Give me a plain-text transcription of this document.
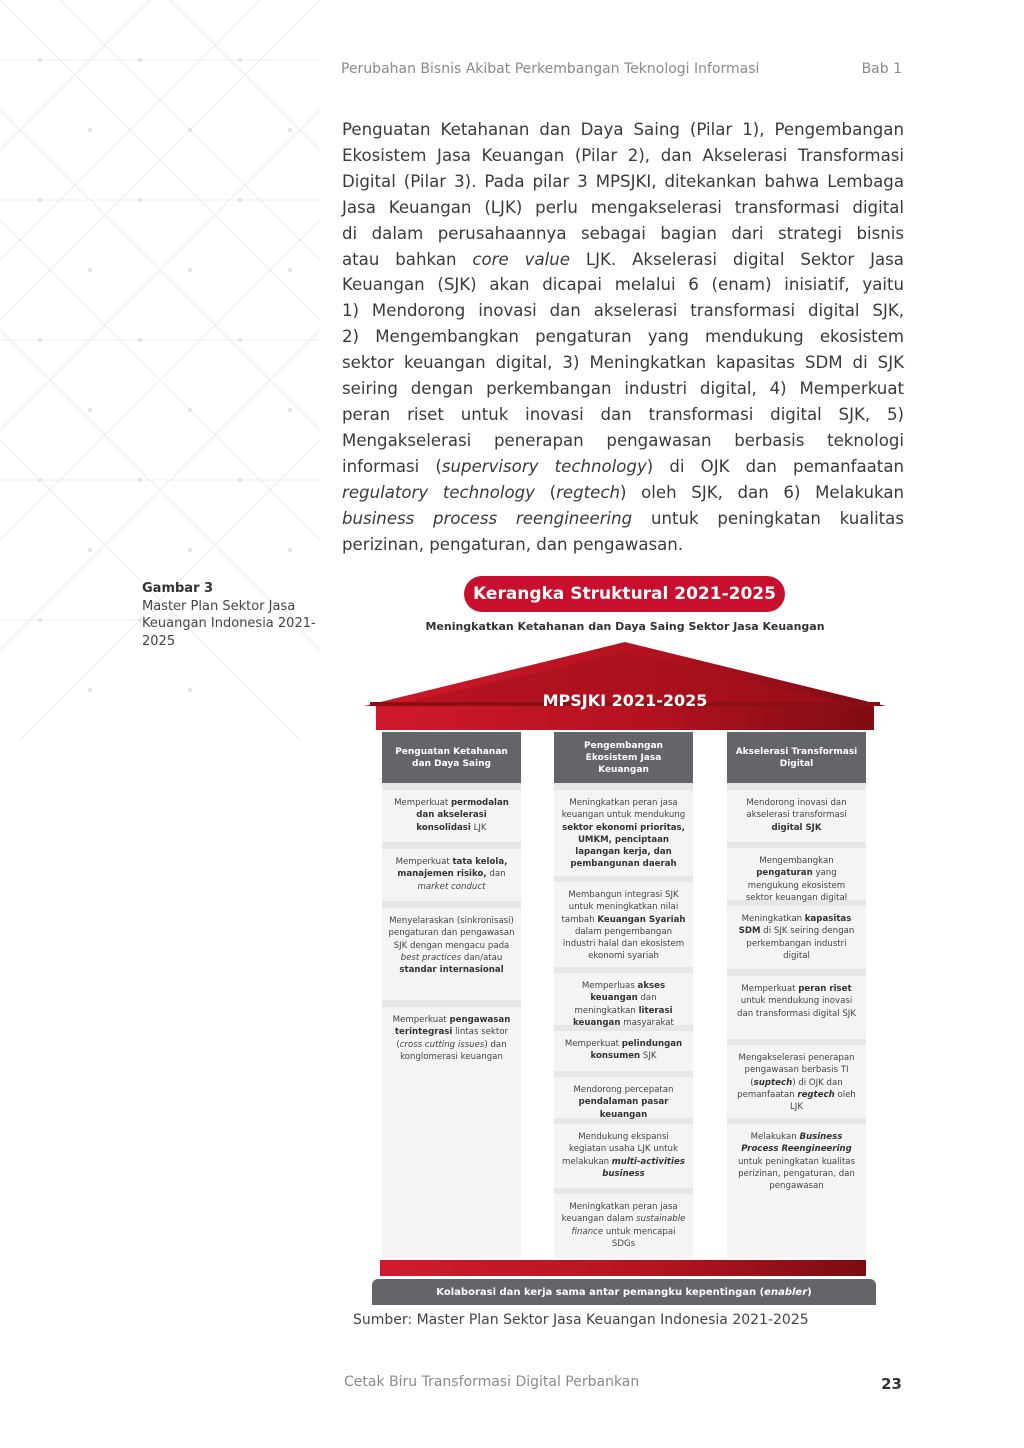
Perubahan Bisnis Akibat Perkembangan Teknologi Informasi	Bab 1
Penguatan Ketahanan dan Daya Saing (Pilar 1), Pengembangan
Ekosistem Jasa Keuangan (Pilar 2), dan Akselerasi Transformasi
Digital (Pilar 3). Pada pilar 3 MPSJKI, ditekankan bahwa Lembaga
Jasa Keuangan (LJK) perlu mengakselerasi transformasi digital
di dalam perusahaannya sebagai bagian dari strategi bisnis
atau bahkan core value LJK. Akselerasi digital Sektor Jasa
Keuangan (SJK) akan dicapai melalui 6 (enam) inisiatif, yaitu
1) Mendorong inovasi dan akselerasi transformasi digital SJK,
2) Mengembangkan pengaturan yang mendukung ekosistem
sektor keuangan digital, 3) Meningkatkan kapasitas SDM di SJK
seiring dengan perkembangan industri digital, 4) Memperkuat
peran riset untuk inovasi dan transformasi digital SJK, 5)
Mengakselerasi penerapan pengawasan berbasis teknologi
informasi (supervisory technology) di OJK dan pemanfaatan
regulatory technology (regtech) oleh SJK, dan 6) Melakukan
business process reengineering untuk peningkatan kualitas
perizinan, pengaturan, dan pengawasan.
Gambar 3
Master Plan Sektor Jasa Keuangan Indonesia 2021-2025
Kerangka Struktural 2021-2025
Meningkatkan Ketahanan dan Daya Saing Sektor Jasa Keuangan
MPSJKI 2021-2025
Penguatan Ketahanan dan Daya Saing
Memperkuat permodalan dan akselerasi konsolidasi LJK
Memperkuat tata kelola, manajemen risiko, dan market conduct
Menyelaraskan (sinkronisasi) pengaturan dan pengawasan SJK dengan mengacu pada best practices dan/atau standar internasional
Memperkuat pengawasan terintegrasi lintas sektor (cross cutting issues) dan konglomerasi keuangan
Pengembangan Ekosistem Jasa Keuangan
Meningkatkan peran jasa keuangan untuk mendukung sektor ekonomi prioritas, UMKM, penciptaan lapangan kerja, dan pembangunan daerah
Membangun integrasi SJK untuk meningkatkan nilai tambah Keuangan Syariah dalam pengembangan industri halal dan ekosistem ekonomi syariah
Memperluas akses keuangan dan meningkatkan literasi keuangan masyarakat
Memperkuat pelindungan konsumen SJK
Mendorong percepatan pendalaman pasar keuangan
Mendukung ekspansi kegiatan usaha LJK untuk melakukan multi-activities business
Meningkatkan peran jasa keuangan dalam sustainable finance untuk mencapai SDGs
Akselerasi Transformasi Digital
Mendorong inovasi dan akselerasi transformasi digital SJK
Mengembangkan pengaturan yang mengukung ekosistem sektor keuangan digital
Meningkatkan kapasitas SDM di SJK seiring dengan perkembangan industri digital
Memperkuat peran riset untuk mendukung inovasi dan transformasi digital SJK
Mengakselerasi penerapan pengawasan berbasis TI (suptech) di OJK dan pemanfaatan regtech oleh LJK
Melakukan Business Process Reengineering untuk peningkatan kualitas perizinan, pengaturan, dan pengawasan
Kolaborasi dan kerja sama antar pemangku kepentingan ( enabler )
Sumber: Master Plan Sektor Jasa Keuangan Indonesia 2021-2025
Cetak Biru Transformasi Digital Perbankan	23
